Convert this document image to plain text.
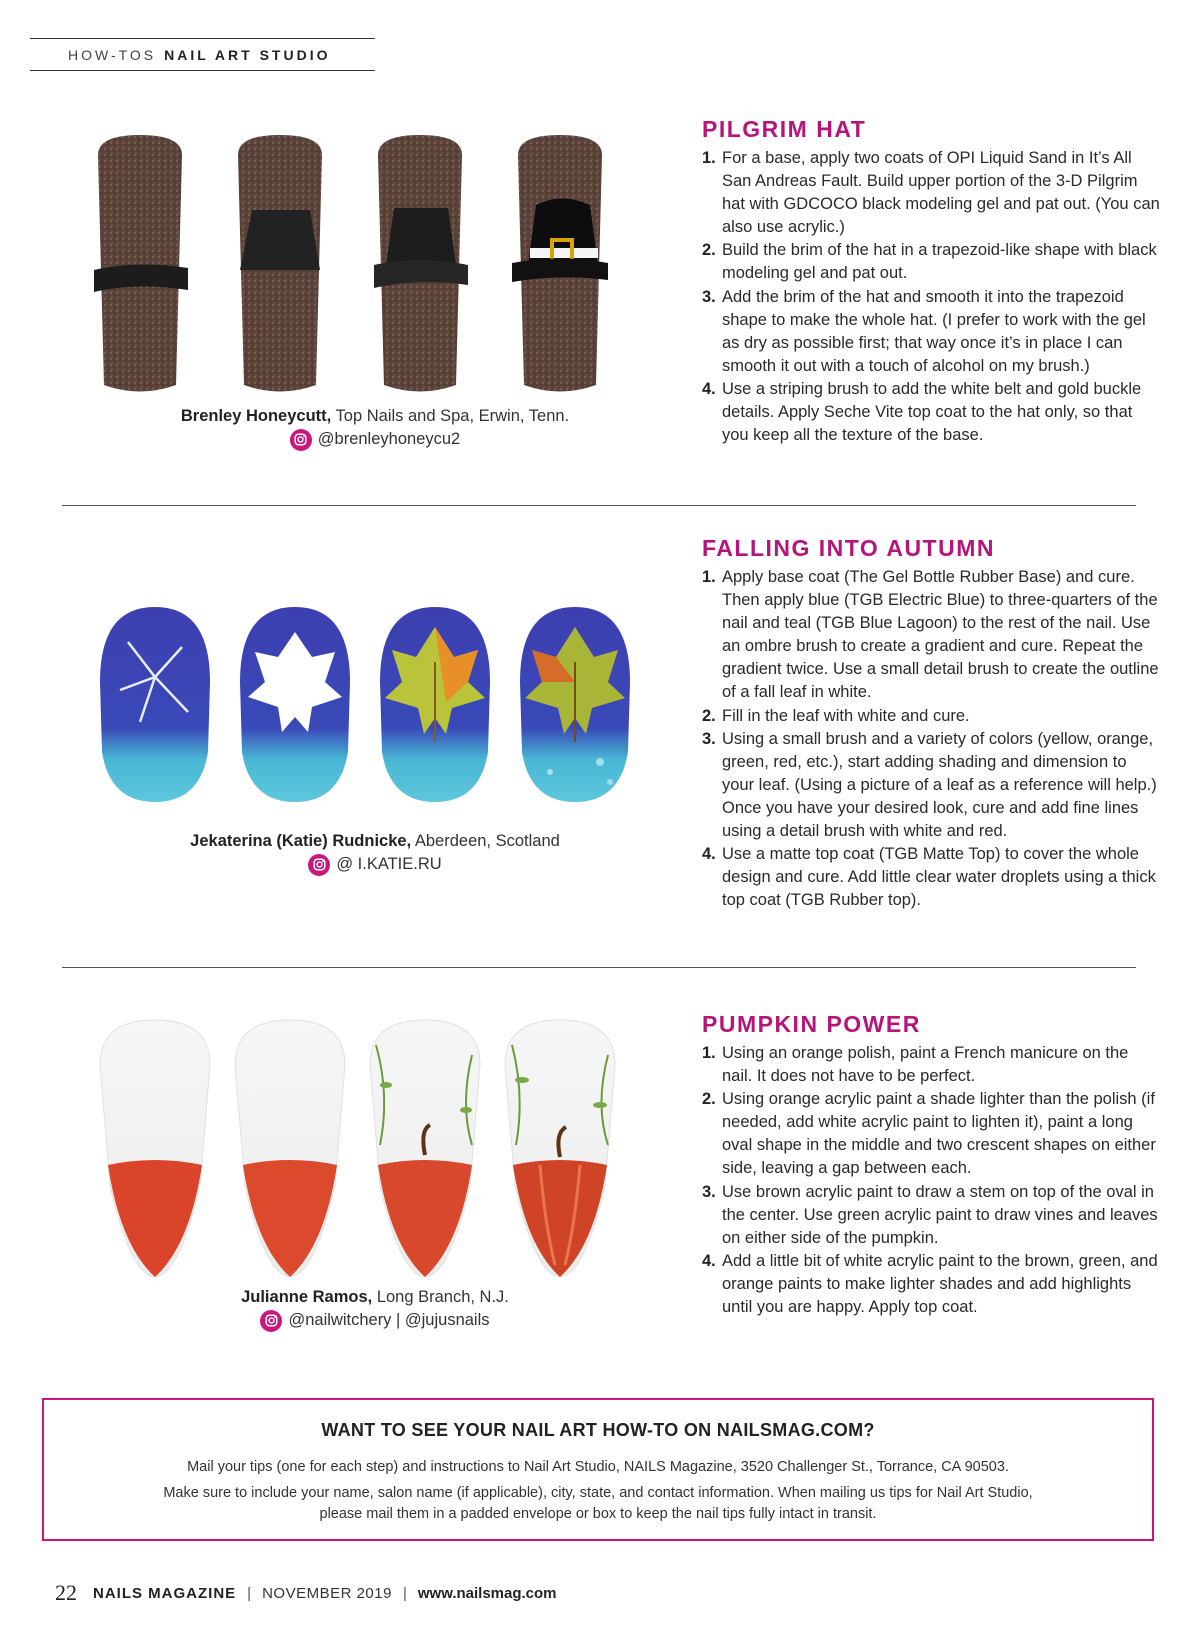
HOW-TOS NAIL ART STUDIO
Brenley Honeycutt, Top Nails and Spa, Erwin, Tenn.
@brenleyhoneycu2
PILGRIM HAT
1. For a base, apply two coats of OPI Liquid Sand in It’s All San Andreas Fault. Build upper portion of the 3-D Pilgrim hat with GDCOCO black modeling gel and pat out. (You can also use acrylic.)
2. Build the brim of the hat in a trapezoid-like shape with black modeling gel and pat out.
3. Add the brim of the hat and smooth it into the trapezoid shape to make the whole hat. (I prefer to work with the gel as dry as possible first; that way once it’s in place I can smooth it out with a touch of alcohol on my brush.)
4. Use a striping brush to add the white belt and gold buckle details. Apply Seche Vite top coat to the hat only, so that you keep all the texture of the base.
Jekaterina (Katie) Rudnicke, Aberdeen, Scotland
@ I.KATIE.RU
FALLING INTO AUTUMN
1. Apply base coat (The Gel Bottle Rubber Base) and cure. Then apply blue (TGB Electric Blue) to three-quarters of the nail and teal (TGB Blue Lagoon) to the rest of the nail. Use an ombre brush to create a gradient and cure. Repeat the gradient twice. Use a small detail brush to create the outline of a fall leaf in white.
2. Fill in the leaf with white and cure.
3. Using a small brush and a variety of colors (yellow, orange, green, red, etc.), start adding shading and dimension to your leaf. (Using a picture of a leaf as a reference will help.) Once you have your desired look, cure and add fine lines using a detail brush with white and red.
4. Use a matte top coat (TGB Matte Top) to cover the whole design and cure. Add little clear water droplets using a thick top coat (TGB Rubber top).
Julianne Ramos, Long Branch, N.J.
@nailwitchery | @jujusnails
PUMPKIN POWER
1. Using an orange polish, paint a French manicure on the nail. It does not have to be perfect.
2. Using orange acrylic paint a shade lighter than the polish (if needed, add white acrylic paint to lighten it), paint a long oval shape in the middle and two crescent shapes on either side, leaving a gap between each.
3. Use brown acrylic paint to draw a stem on top of the oval in the center. Use green acrylic paint to draw vines and leaves on either side of the pumpkin.
4. Add a little bit of white acrylic paint to the brown, green, and orange paints to make lighter shades and add highlights until you are happy. Apply top coat.
WANT TO SEE YOUR NAIL ART HOW-TO ON NAILSMAG.COM?

Mail your tips (one for each step) and instructions to Nail Art Studio, NAILS Magazine, 3520 Challenger St., Torrance, CA 90503.

Make sure to include your name, salon name (if applicable), city, state, and contact information. When mailing us tips for Nail Art Studio,

please mail them in a padded envelope or box to keep the nail tips fully intact in transit.

22 NAILS MAGAZINE | NOVEMBER 2019 | www.nailsmag.com
